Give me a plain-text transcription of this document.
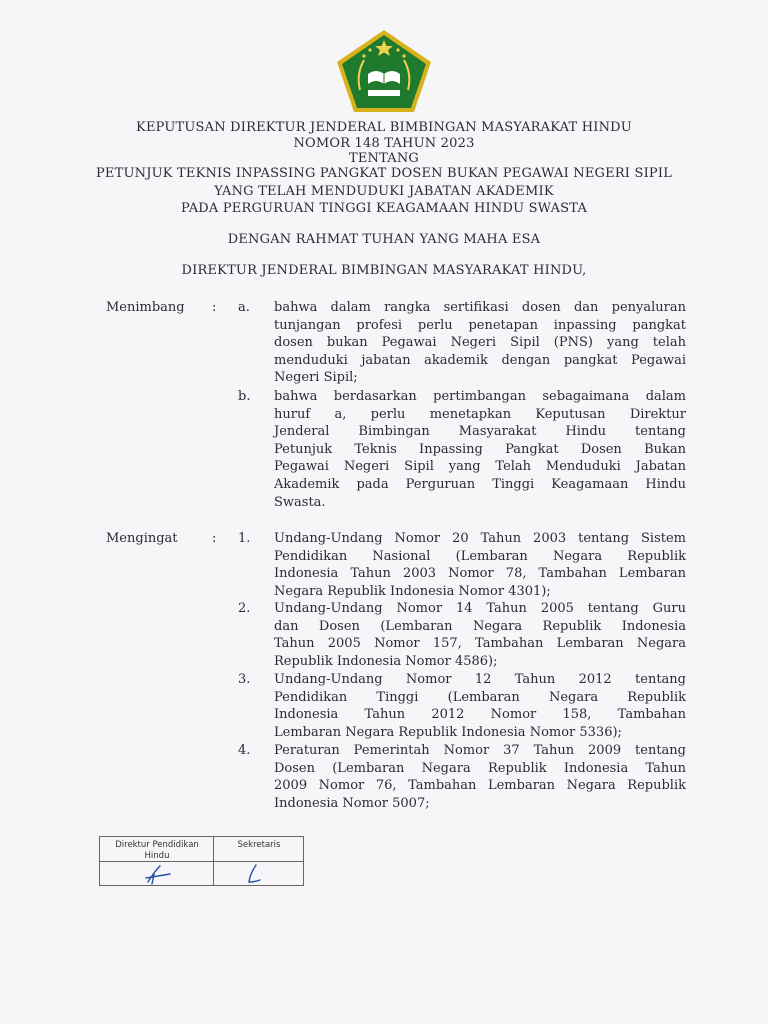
KEPUTUSAN DIREKTUR JENDERAL BIMBINGAN MASYARAKAT HINDU
NOMOR 148 TAHUN 2023
TENTANG
PETUNJUK TEKNIS INPASSING PANGKAT DOSEN BUKAN PEGAWAI NEGERI SIPIL
YANG TELAH MENDUDUKI JABATAN AKADEMIK
PADA PERGURUAN TINGGI KEAGAMAAN HINDU SWASTA
DENGAN RAHMAT TUHAN YANG MAHA ESA
DIREKTUR JENDERAL BIMBINGAN MASYARAKAT HINDU,
Menimbang : a. bahwa dalam rangka sertifikasi dosen dan penyaluran
tunjangan profesi perlu penetapan inpassing pangkat
dosen bukan Pegawai Negeri Sipil (PNS) yang telah
menduduki jabatan akademik dengan pangkat Pegawai
Negeri Sipil;
b. bahwa berdasarkan pertimbangan sebagaimana dalam
huruf a, perlu menetapkan Keputusan Direktur
Jenderal Bimbingan Masyarakat Hindu tentang
Petunjuk Teknis Inpassing Pangkat Dosen Bukan
Pegawai Negeri Sipil yang Telah Menduduki Jabatan
Akademik pada Perguruan Tinggi Keagamaan Hindu
Swasta.
Mengingat	: 1. Undang-Undang Nomor 20 Tahun 2003 tentang Sistem
Pendidikan Nasional (Lembaran Negara Republik
Indonesia Tahun 2003 Nomor 78, Tambahan Lembaran
Negara Republik Indonesia Nomor 4301);
2. Undang-Undang Nomor 14 Tahun 2005 tentang Guru
dan Dosen (Lembaran Negara Republik Indonesia
Tahun 2005 Nomor 157, Tambahan Lembaran Negara
Republik Indonesia Nomor 4586);
3. Undang-Undang Nomor 12 Tahun 2012 tentang
Pendidikan Tinggi (Lembaran Negara Republik
Indonesia Tahun 2012 Nomor 158, Tambahan
Lembaran Negara Republik Indonesia Nomor 5336);
4. Peraturan Pemerintah Nomor 37 Tahun 2009 tentang
Dosen (Lembaran Negara Republik Indonesia Tahun
2009 Nomor 76, Tambahan Lembaran Negara Republik
Indonesia Nomor 5007;
Direktur Pendidikan Hindu
Sekretaris
